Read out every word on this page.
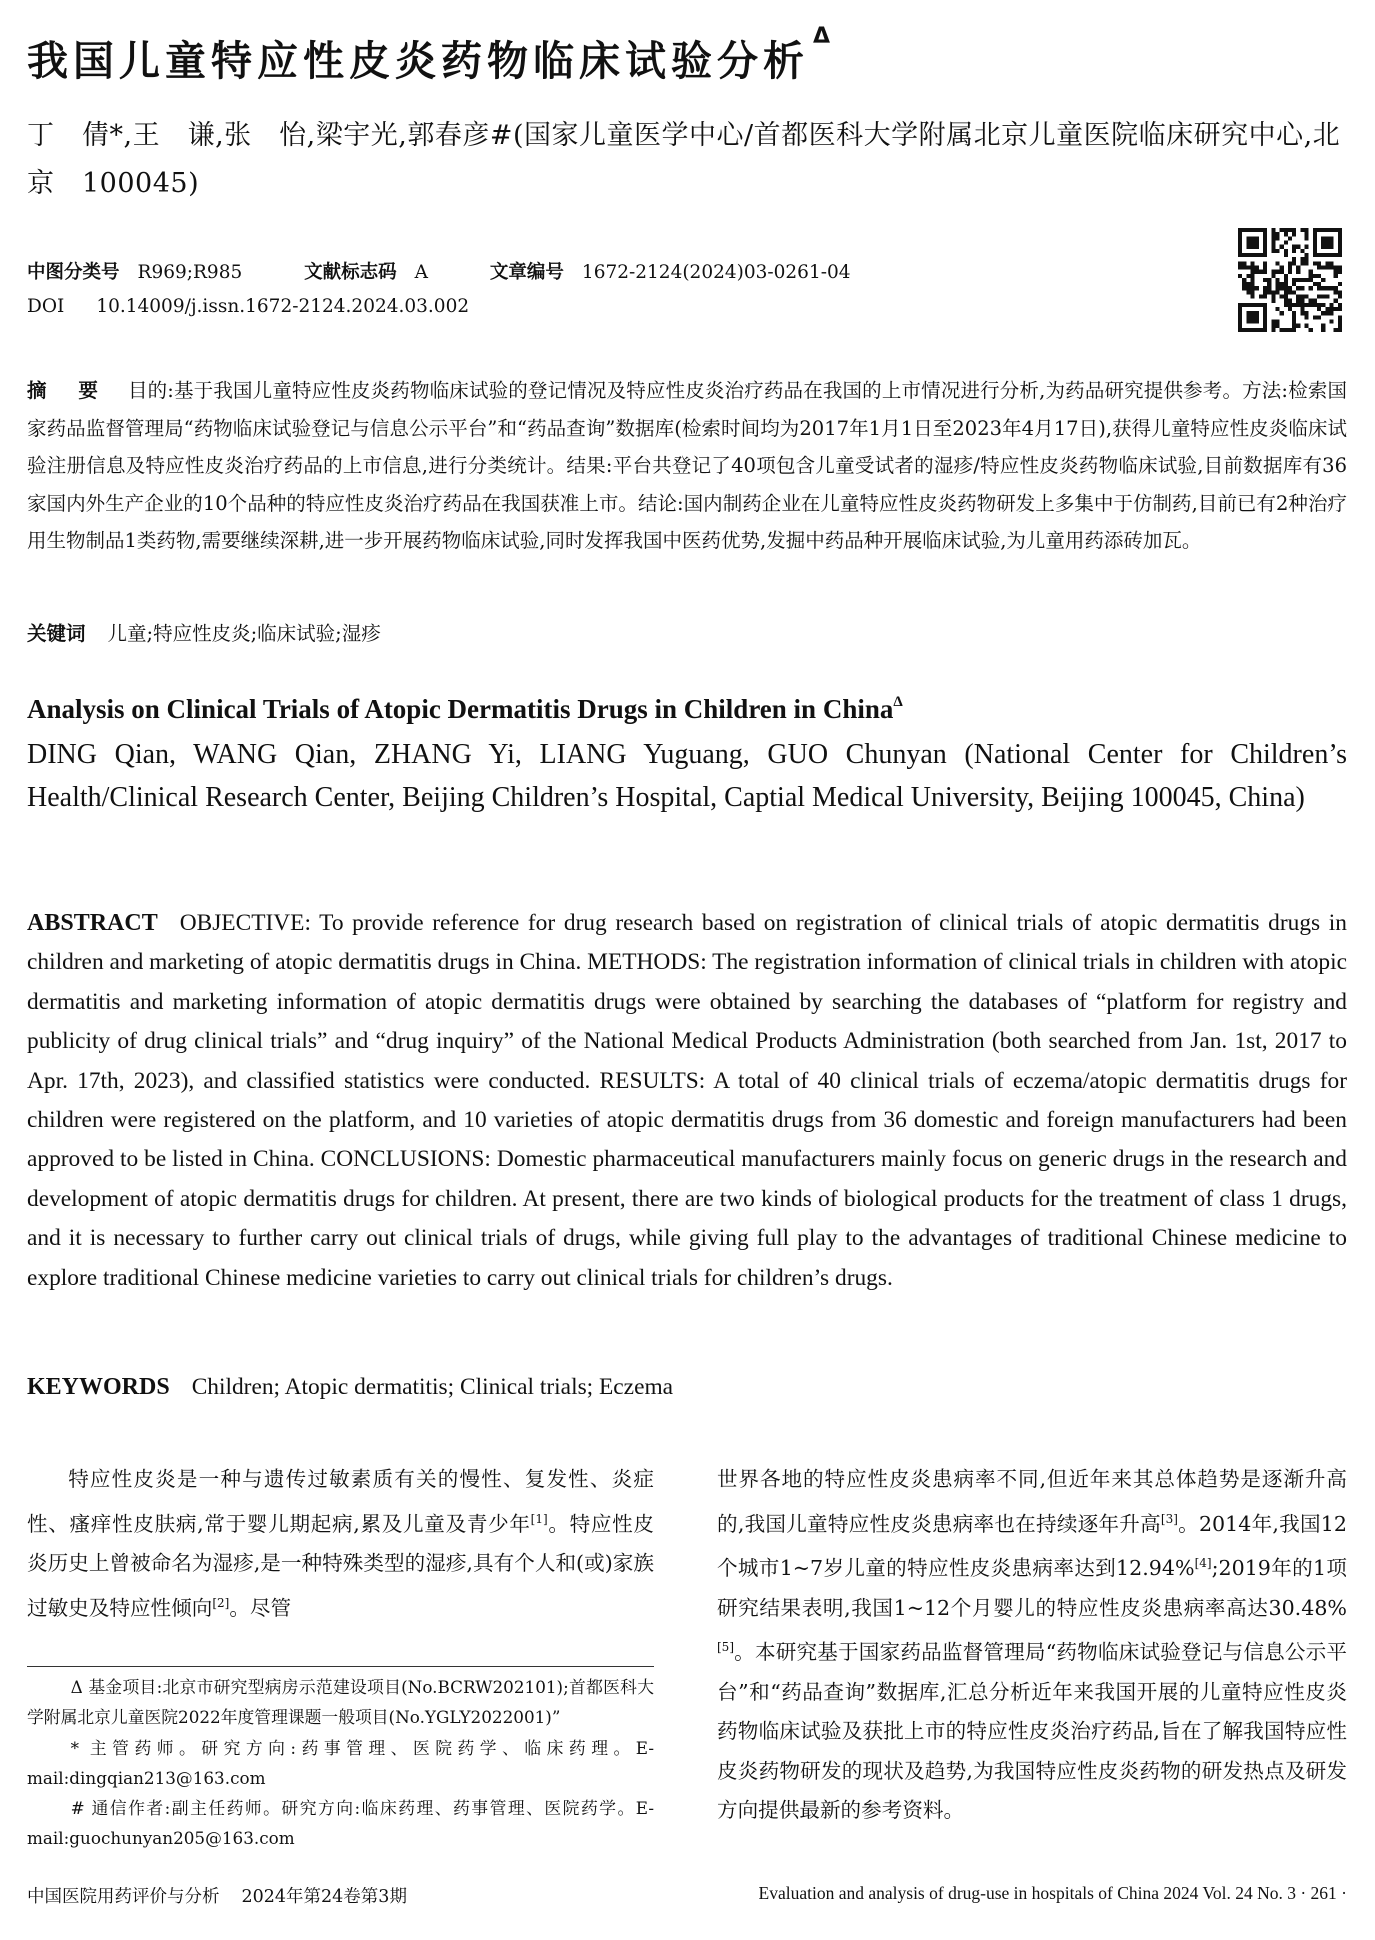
我国儿童特应性皮炎药物临床试验分析$^\Delta$
丁　倩*,王　谦,张　怡,梁宇光,郭春彦#(国家儿童医学中心/首都医科大学附属北京儿童医院临床研究中心,北京　100045)
中图分类号 R969;R985	文献标志码 A	文章编号 1672-2124(2024)03-0261-04
DOI 10.14009/j.issn.1672-2124.2024.03.002
摘　要 目的:基于我国儿童特应性皮炎药物临床试验的登记情况及特应性皮炎治疗药品在我国的上市情况进行分析,为药品研究提供参考。方法:检索国家药品监督管理局“药物临床试验登记与信息公示平台”和“药品查询”数据库(检索时间均为2017年1月1日至2023年4月17日),获得儿童特应性皮炎临床试验注册信息及特应性皮炎治疗药品的上市信息,进行分类统计。结果:平台共登记了40项包含儿童受试者的湿疹/特应性皮炎药物临床试验,目前数据库有36家国内外生产企业的10个品种的特应性皮炎治疗药品在我国获准上市。结论:国内制药企业在儿童特应性皮炎药物研发上多集中于仿制药,目前已有2种治疗用生物制品1类药物,需要继续深耕,进一步开展药物临床试验,同时发挥我国中医药优势,发掘中药品种开展临床试验,为儿童用药添砖加瓦。
关键词 儿童;特应性皮炎;临床试验;湿疹
Analysis on Clinical Trials of Atopic Dermatitis Drugs in Children in China$^\Delta$
DING Qian, WANG Qian, ZHANG Yi, LIANG Yuguang, GUO Chunyan (National Center for Children’s Health/Clinical Research Center, Beijing Children’s Hospital, Captial Medical University, Beijing 100045, China)
ABSTRACT OBJECTIVE: To provide reference for drug research based on registration of clinical trials of atopic dermatitis drugs in children and marketing of atopic dermatitis drugs in China. METHODS: The registration information of clinical trials in children with atopic dermatitis and marketing information of atopic dermatitis drugs were obtained by searching the databases of “platform for registry and publicity of drug clinical trials” and “drug inquiry” of the National Medical Products Administration (both searched from Jan. 1st, 2017 to Apr. 17th, 2023), and classified statistics were conducted. RESULTS: A total of 40 clinical trials of eczema/atopic dermatitis drugs for children were registered on the platform, and 10 varieties of atopic dermatitis drugs from 36 domestic and foreign manufacturers had been approved to be listed in China. CONCLUSIONS: Domestic pharmaceutical manufacturers mainly focus on generic drugs in the research and development of atopic dermatitis drugs for children. At present, there are two kinds of biological products for the treatment of class 1 drugs, and it is necessary to further carry out clinical trials of drugs, while giving full play to the advantages of traditional Chinese medicine to explore traditional Chinese medicine varieties to carry out clinical trials for children’s drugs.
KEYWORDS Children; Atopic dermatitis; Clinical trials; Eczema

特应性皮炎是一种与遗传过敏素质有关的慢性、复发性、炎症性、瘙痒性皮肤病,常于婴儿期起病,累及儿童及青少年[1]。特应性皮炎历史上曾被命名为湿疹,是一种特殊类型的湿疹,具有个人和(或)家族过敏史及特应性倾向[2]。尽管

Δ 基金项目:北京市研究型病房示范建设项目(No.BCRW202101);首都医科大学附属北京儿童医院2022年度管理课题一般项目(No.YGLY2022001)”

* 主管药师。研究方向:药事管理、医院药学、临床药理。E-mail:dingqian213@163.com

# 通信作者:副主任药师。研究方向:临床药理、药事管理、医院药学。E-mail:guochunyan205@163.com

世界各地的特应性皮炎患病率不同,但近年来其总体趋势是逐渐升高的,我国儿童特应性皮炎患病率也在持续逐年升高[3]。2014年,我国12个城市1~7岁儿童的特应性皮炎患病率达到12.94%[4];2019年的1项研究结果表明,我国1~12个月婴儿的特应性皮炎患病率高达30.48%[5]。本研究基于国家药品监督管理局“药物临床试验登记与信息公示平台”和“药品查询”数据库,汇总分析近年来我国开展的儿童特应性皮炎药物临床试验及获批上市的特应性皮炎治疗药品,旨在了解我国特应性皮炎药物研发的现状及趋势,为我国特应性皮炎药物的研发热点及研发方向提供最新的参考资料。

中国医院用药评价与分析 2024年第24卷第3期	Evaluation and analysis of drug-use in hospitals of China 2024 Vol. 24 No. 3 · 261 ·
